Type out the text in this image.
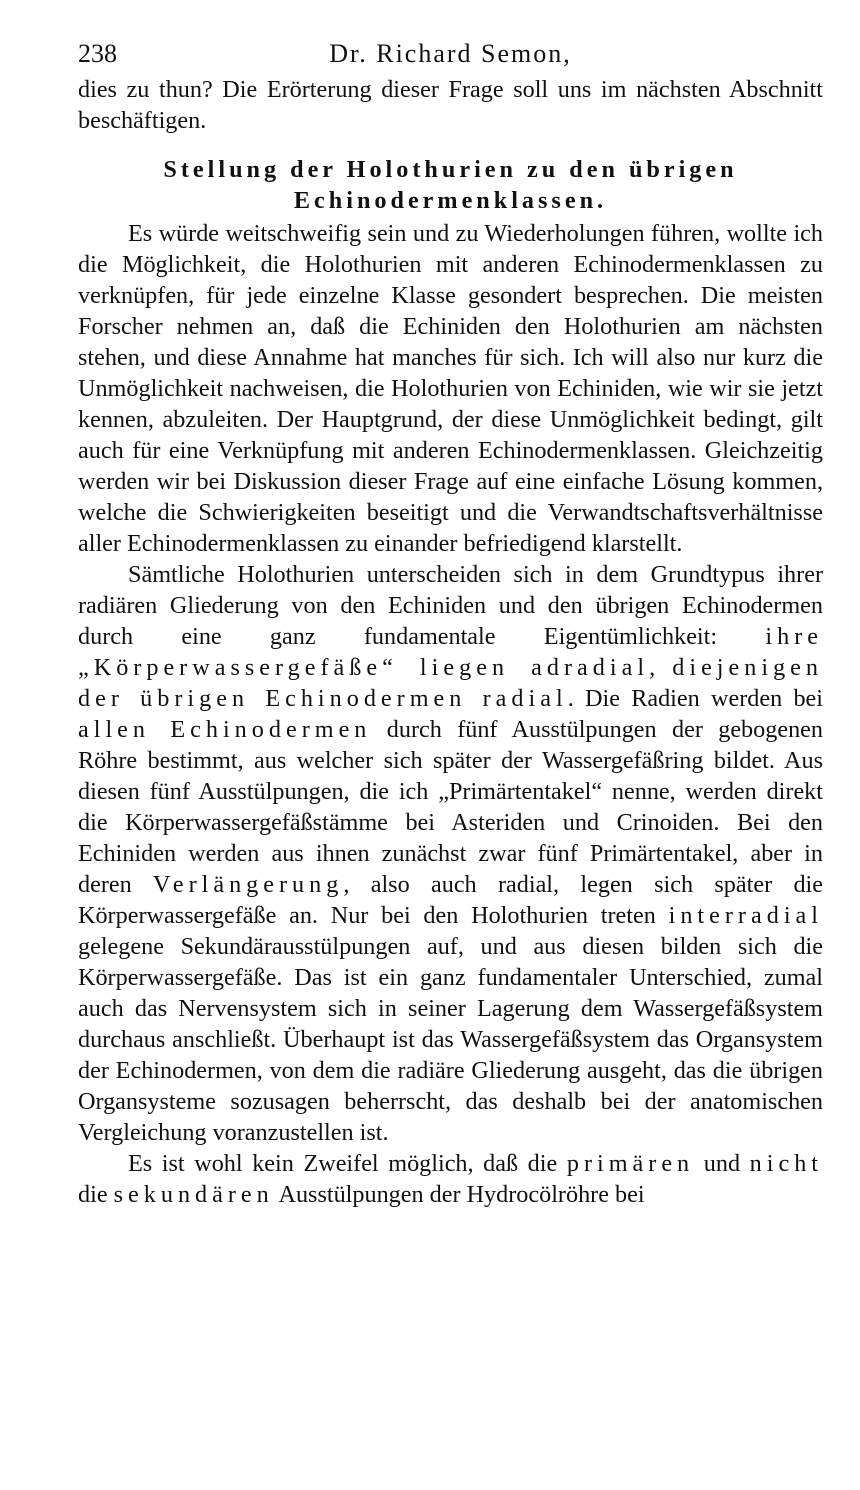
238	Dr. Richard Semon,

dies zu thun? Die Erörterung dieser Frage soll uns im nächsten Abschnitt beschäftigen.

Stellung der Holothurien zu den übrigen
Echinodermenklassen.

Es würde weitschweifig sein und zu Wiederholungen führen, wollte ich die Möglichkeit, die Holothurien mit anderen Echinodermenklassen zu verknüpfen, für jede einzelne Klasse gesondert besprechen. Die meisten Forscher nehmen an, daß die Echiniden den Holothurien am nächsten stehen, und diese Annahme hat manches für sich. Ich will also nur kurz die Unmöglichkeit nachweisen, die Holothurien von Echiniden, wie wir sie jetzt kennen, abzuleiten. Der Hauptgrund, der diese Unmöglichkeit bedingt, gilt auch für eine Verknüpfung mit anderen Echinodermenklassen. Gleichzeitig werden wir bei Diskussion dieser Frage auf eine einfache Lösung kommen, welche die Schwierigkeiten beseitigt und die Verwandtschaftsverhältnisse aller Echinodermenklassen zu einander befriedigend klarstellt.

Sämtliche Holothurien unterscheiden sich in dem Grundtypus ihrer radiären Gliederung von den Echiniden und den übrigen Echinodermen durch eine ganz fundamentale Eigentümlichkeit: ihre „Körperwassergefäße“ liegen adradial, diejenigen der übrigen Echinodermen radial. Die Radien werden bei allen Echinodermen durch fünf Ausstülpungen der gebogenen Röhre bestimmt, aus welcher sich später der Wassergefäßring bildet. Aus diesen fünf Ausstülpungen, die ich „Primärtentakel“ nenne, werden direkt die Körperwassergefäßstämme bei Asteriden und Crinoiden. Bei den Echiniden werden aus ihnen zunächst zwar fünf Primärtentakel, aber in deren Verlängerung, also auch radial, legen sich später die Körperwassergefäße an. Nur bei den Holothurien treten interradial gelegene Sekundärausstülpungen auf, und aus diesen bilden sich die Körperwassergefäße. Das ist ein ganz fundamentaler Unterschied, zumal auch das Nervensystem sich in seiner Lagerung dem Wassergefäßsystem durchaus anschließt. Überhaupt ist das Wassergefäßsystem das Organsystem der Echinodermen, von dem die radiäre Gliederung ausgeht, das die übrigen Organsysteme sozusagen beherrscht, das deshalb bei der anatomischen Vergleichung voranzustellen ist.

Es ist wohl kein Zweifel möglich, daß die primären und nicht die sekundären Ausstülpungen der Hydrocölröhre bei
